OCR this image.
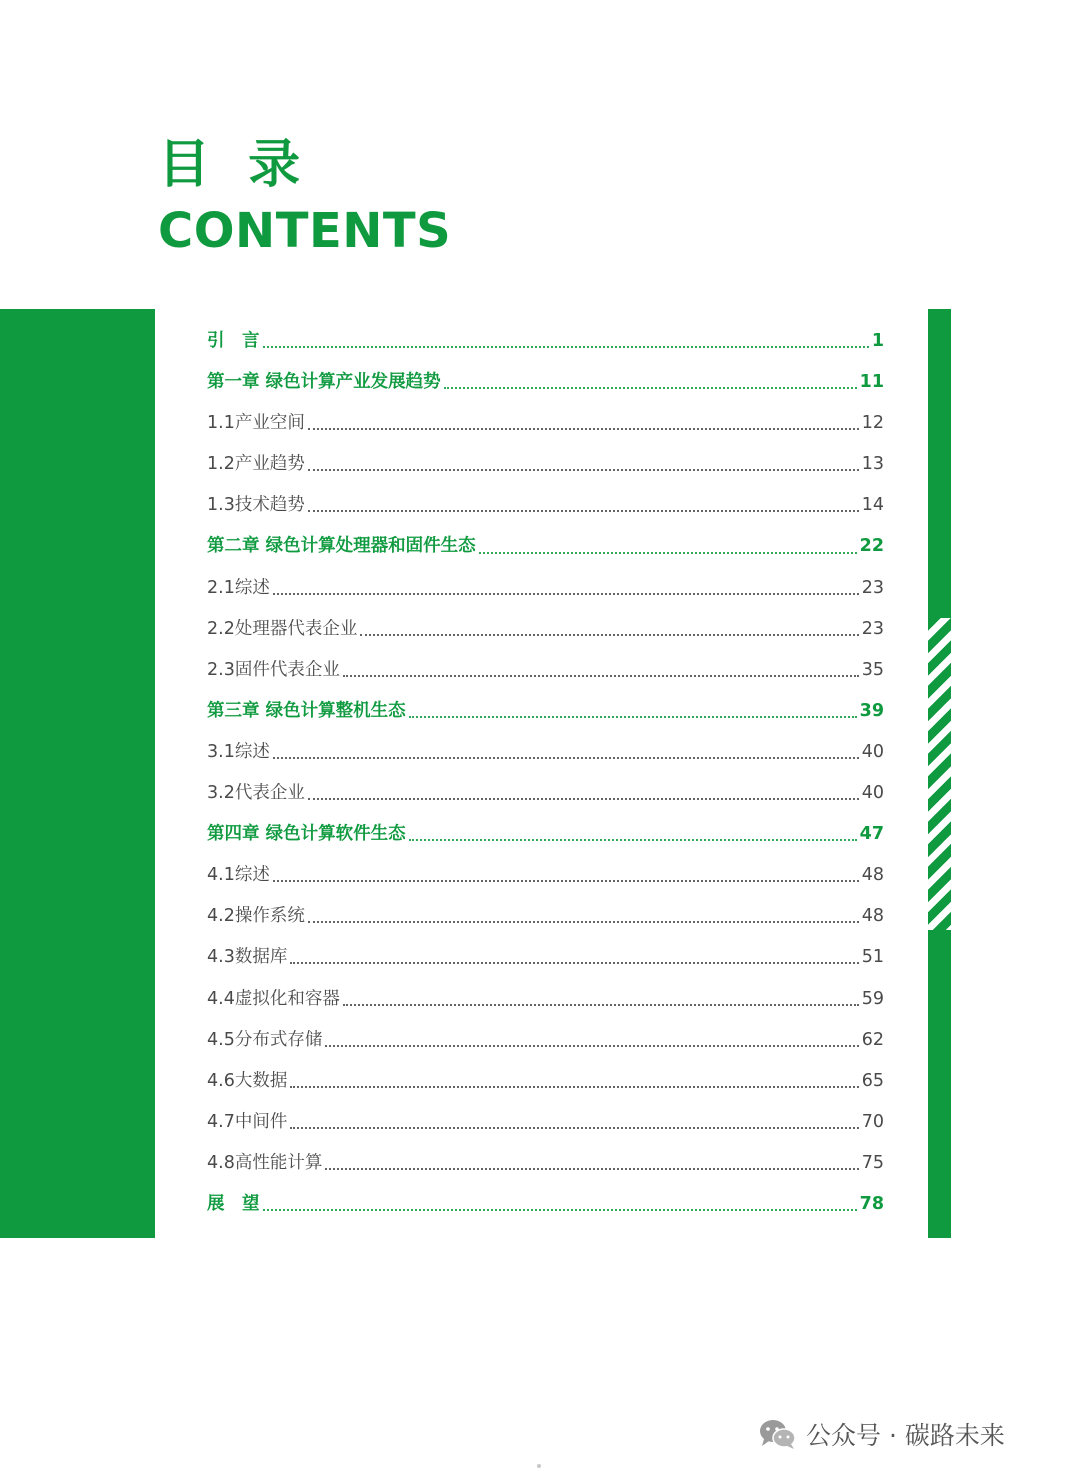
目 录
CONTENTS
引　言	1
第一章 绿色计算产业发展趋势	11
1.1产业空间	12
1.2产业趋势	13
1.3技术趋势	14
第二章 绿色计算处理器和固件生态	22
2.1综述	23
2.2处理器代表企业	23
2.3固件代表企业	35
第三章 绿色计算整机生态	39
3.1综述	40
3.2代表企业	40
第四章 绿色计算软件生态	47
4.1综述	48
4.2操作系统	48
4.3数据库	51
4.4虚拟化和容器	59
4.5分布式存储	62
4.6大数据	65
4.7中间件	70
4.8高性能计算	75
展　望	78
公众号 · 碳路未来
